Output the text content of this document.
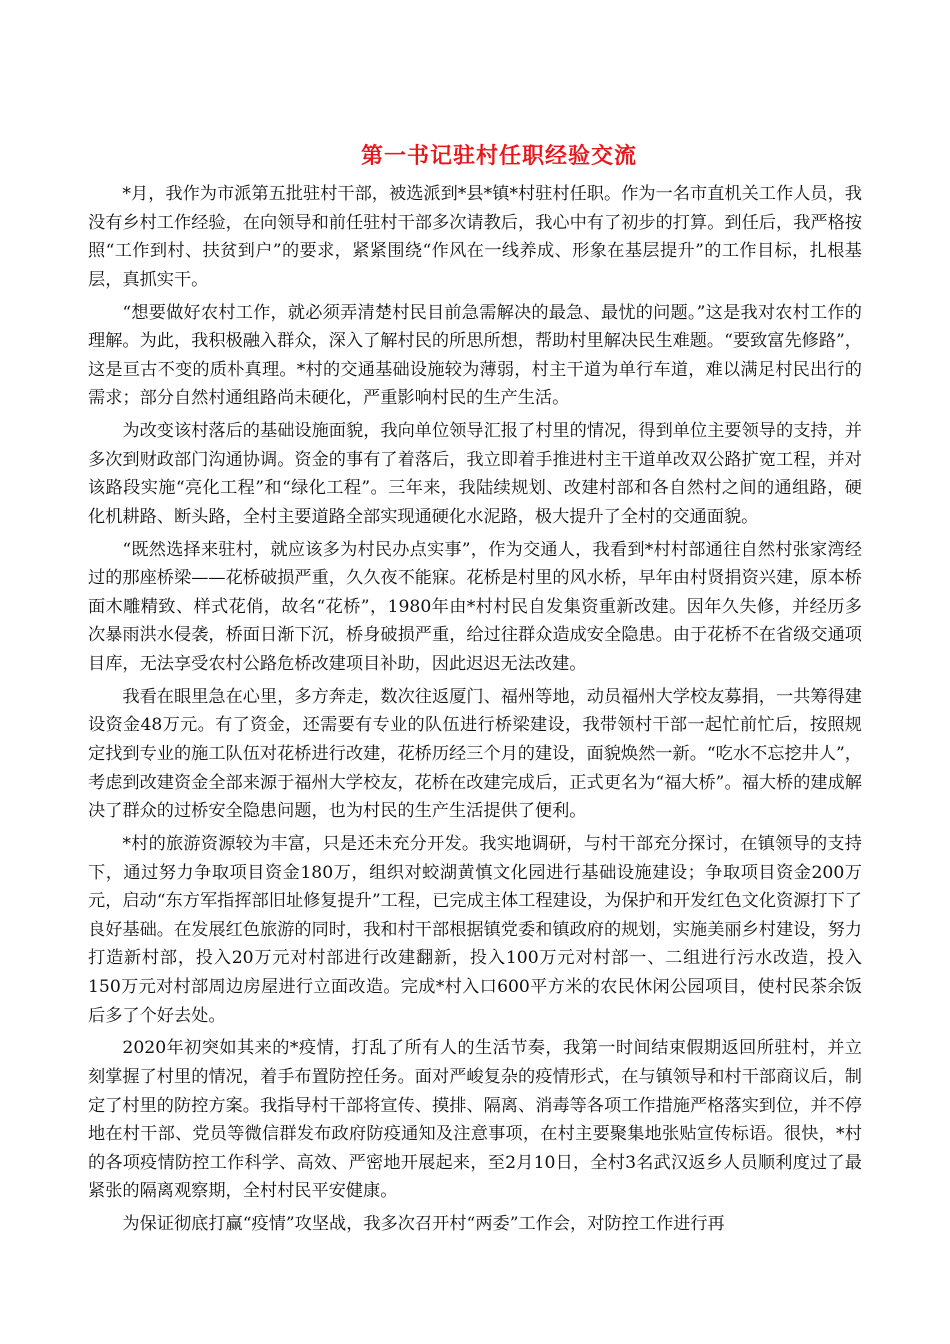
第一书记驻村任职经验交流

*月，我作为市派第五批驻村干部，被选派到*县*镇*村驻村任职。作为一名市直机关工作人员，我没有乡村工作经验，在向领导和前任驻村干部多次请教后，我心中有了初步的打算。到任后，我严格按照“工作到村、扶贫到户”的要求，紧紧围绕“作风在一线养成、形象在基层提升”的工作目标，扎根基层，真抓实干。

“想要做好农村工作，就必须弄清楚村民目前急需解决的最急、最忧的问题。”这是我对农村工作的理解。为此，我积极融入群众，深入了解村民的所思所想，帮助村里解决民生难题。“要致富先修路”，这是亘古不变的质朴真理。*村的交通基础设施较为薄弱，村主干道为单行车道，难以满足村民出行的需求；部分自然村通组路尚未硬化，严重影响村民的生产生活。

为改变该村落后的基础设施面貌，我向单位领导汇报了村里的情况，得到单位主要领导的支持，并多次到财政部门沟通协调。资金的事有了着落后，我立即着手推进村主干道单改双公路扩宽工程，并对该路段实施“亮化工程”和“绿化工程”。三年来，我陆续规划、改建村部和各自然村之间的通组路，硬化机耕路、断头路，全村主要道路全部实现通硬化水泥路，极大提升了全村的交通面貌。

“既然选择来驻村，就应该多为村民办点实事”，作为交通人，我看到*村村部通往自然村张家湾经过的那座桥梁——花桥破损严重，久久夜不能寐。花桥是村里的风水桥，早年由村贤捐资兴建，原本桥面木雕精致、样式花俏，故名“花桥”，1980年由*村村民自发集资重新改建。因年久失修，并经历多次暴雨洪水侵袭，桥面日渐下沉，桥身破损严重，给过往群众造成安全隐患。由于花桥不在省级交通项目库，无法享受农村公路危桥改建项目补助，因此迟迟无法改建。

我看在眼里急在心里，多方奔走，数次往返厦门、福州等地，动员福州大学校友募捐，一共筹得建设资金48万元。有了资金，还需要有专业的队伍进行桥梁建设，我带领村干部一起忙前忙后，按照规定找到专业的施工队伍对花桥进行改建，花桥历经三个月的建设，面貌焕然一新。“吃水不忘挖井人”，考虑到改建资金全部来源于福州大学校友，花桥在改建完成后，正式更名为“福大桥”。福大桥的建成解决了群众的过桥安全隐患问题，也为村民的生产生活提供了便利。

*村的旅游资源较为丰富，只是还未充分开发。我实地调研，与村干部充分探讨，在镇领导的支持下，通过努力争取项目资金180万，组织对蛟湖黄慎文化园进行基础设施建设；争取项目资金200万元，启动“东方军指挥部旧址修复提升”工程，已完成主体工程建设，为保护和开发红色文化资源打下了良好基础。在发展红色旅游的同时，我和村干部根据镇党委和镇政府的规划，实施美丽乡村建设，努力打造新村部，投入20万元对村部进行改建翻新，投入100万元对村部一、二组进行污水改造，投入150万元对村部周边房屋进行立面改造。完成*村入口600平方米的农民休闲公园项目，使村民茶余饭后多了个好去处。

2020年初突如其来的*疫情，打乱了所有人的生活节奏，我第一时间结束假期返回所驻村，并立刻掌握了村里的情况，着手布置防控任务。面对严峻复杂的疫情形式，在与镇领导和村干部商议后，制定了村里的防控方案。我指导村干部将宣传、摸排、隔离、消毒等各项工作措施严格落实到位，并不停地在村干部、党员等微信群发布政府防疫通知及注意事项，在村主要聚集地张贴宣传标语。很快，*村的各项疫情防控工作科学、高效、严密地开展起来，至2月10日，全村3名武汉返乡人员顺利度过了最紧张的隔离观察期，全村村民平安健康。

为保证彻底打赢“疫情”攻坚战，我多次召开村“两委”工作会，对防控工作进行再
